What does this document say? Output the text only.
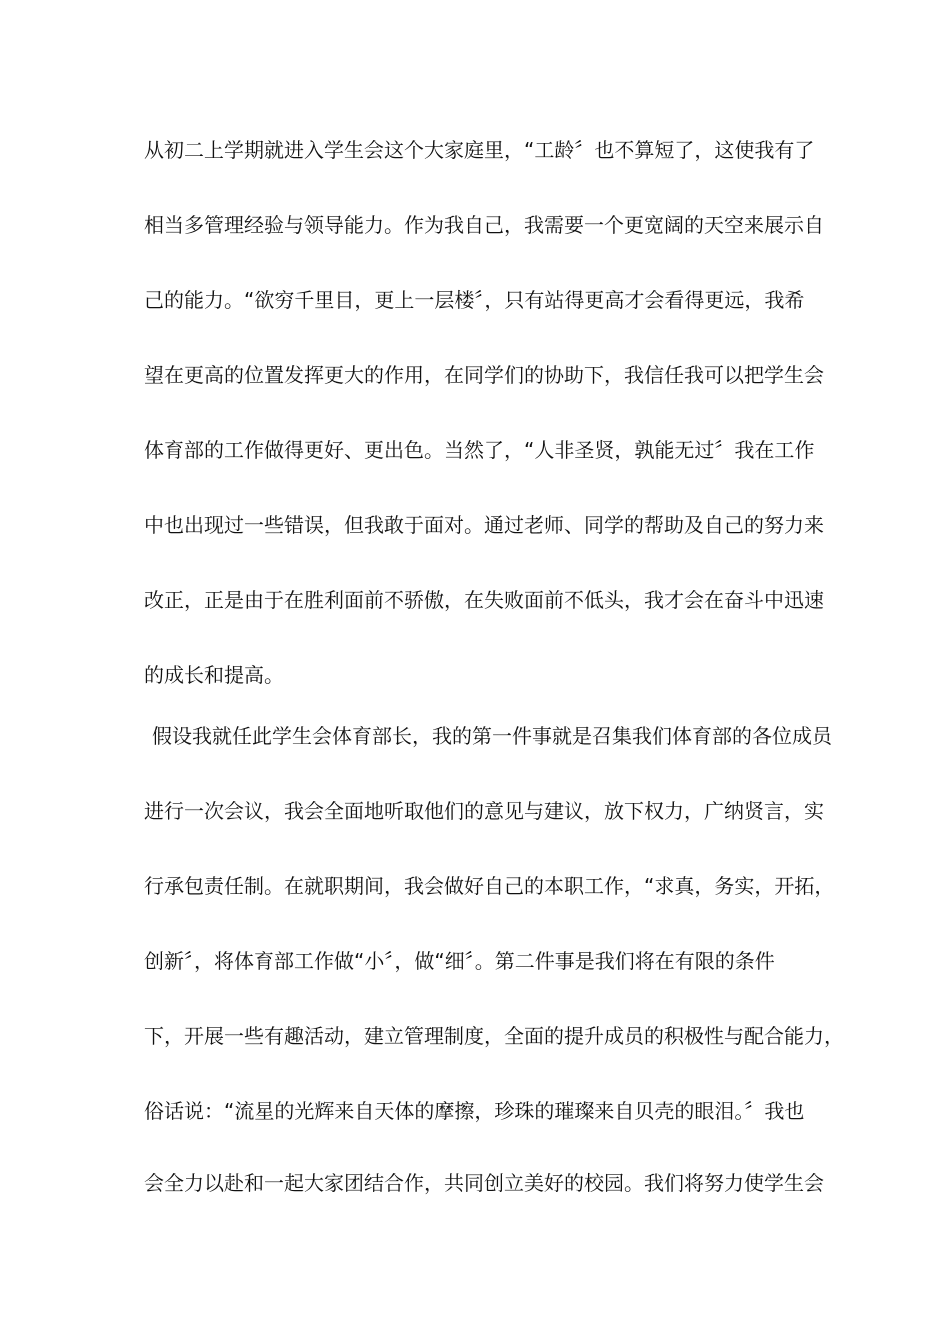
从初二上学期就进入学生会这个大家庭里，“工龄〞也不算短了，这使我有了
相当多管理经验与领导能力。作为我自己，我需要一个更宽阔的天空来展示自
己的能力。“欲穷千里目，更上一层楼〞，只有站得更高才会看得更远，我希
望在更高的位置发挥更大的作用，在同学们的协助下，我信任我可以把学生会
体育部的工作做得更好、更出色。当然了，“人非圣贤，孰能无过〞我在工作
中也出现过一些错误，但我敢于面对。通过老师、同学的帮助及自己的努力来
改正，正是由于在胜利面前不骄傲，在失败面前不低头，我才会在奋斗中迅速
的成长和提高。
假设我就任此学生会体育部长，我的第一件事就是召集我们体育部的各位成员
进行一次会议，我会全面地听取他们的意见与建议，放下权力，广纳贤言，实
行承包责任制。在就职期间，我会做好自己的本职工作，“求真，务实，开拓，
创新〞，将体育部工作做“小〞，做“细〞。第二件事是我们将在有限的条件
下，开展一些有趣活动，建立管理制度，全面的提升成员的积极性与配合能力，
俗话说：“流星的光辉来自天体的摩擦，珍珠的璀璨来自贝壳的眼泪。〞我也
会全力以赴和一起大家团结合作，共同创立美好的校园。我们将努力使学生会
